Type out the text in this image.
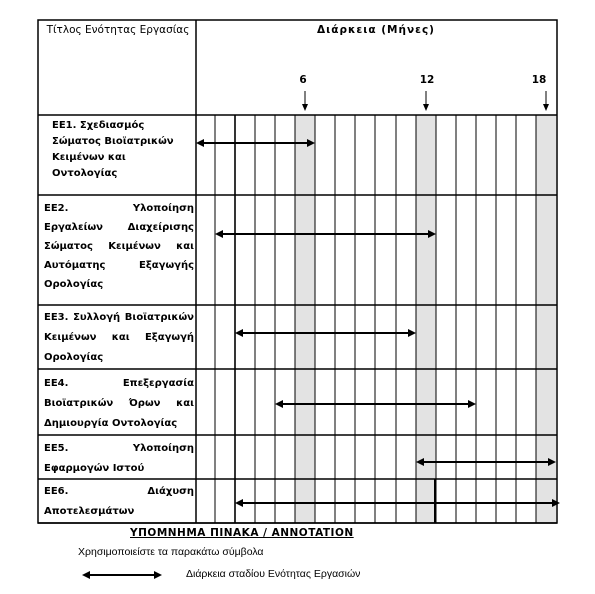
Τίτλος Ενότητας Εργασίας	Διάρκεια (Μήνες)
6	12	18
ΕΕ1. Σχεδιασμός Σώματος Βιοϊατρικών Κειμένων και Οντολογίας
ΕΕ2. Υλοποίηση Εργαλείων Διαχείρισης Σώματος Κειμένων και Αυτόματης Εξαγωγής Ορολογίας
ΕΕ3. Συλλογή Βιοϊατρικών Κειμένων και Εξαγωγή Ορολογίας
ΕΕ4. Επεξεργασία Βιοϊατρικών Όρων και Δημιουργία Οντολογίας
ΕΕ5. Υλοποίηση Εφαρμογών Ιστού
ΕΕ6. Διάχυση Αποτελεσμάτων
ΥΠΟΜΝΗΜΑ ΠΙΝΑΚΑ / ANNOTATION
Χρησιμοποιείστε τα παρακάτω σύμβολα
Διάρκεια σταδίου Ενότητας Εργασιών
